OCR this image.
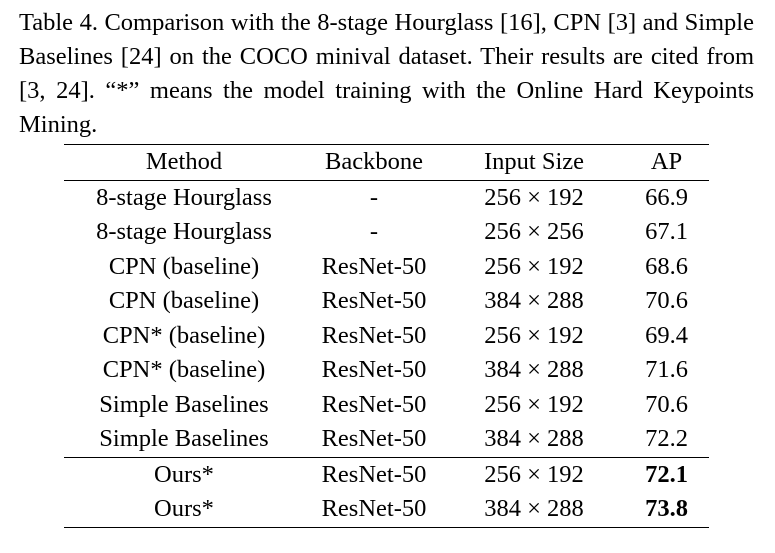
Table 4. Comparison with the 8-stage Hourglass [16], CPN [3] and Simple Baselines [24] on the COCO minival dataset. Their results are cited from [3, 24]. “*” means the model training with the Online Hard Keypoints Mining.

Method	Backbone	Input Size	AP
8-stage Hourglass	-	256 × 192	66.9
8-stage Hourglass	-	256 × 256	67.1
CPN (baseline)	ResNet-50	256 × 192	68.6
CPN (baseline)	ResNet-50	384 × 288	70.6
CPN* (baseline)	ResNet-50	256 × 192	69.4
CPN* (baseline)	ResNet-50	384 × 288	71.6
Simple Baselines	ResNet-50	256 × 192	70.6
Simple Baselines	ResNet-50	384 × 288	72.2
Ours*	ResNet-50	256 × 192	72.1
Ours*	ResNet-50	384 × 288	73.8
